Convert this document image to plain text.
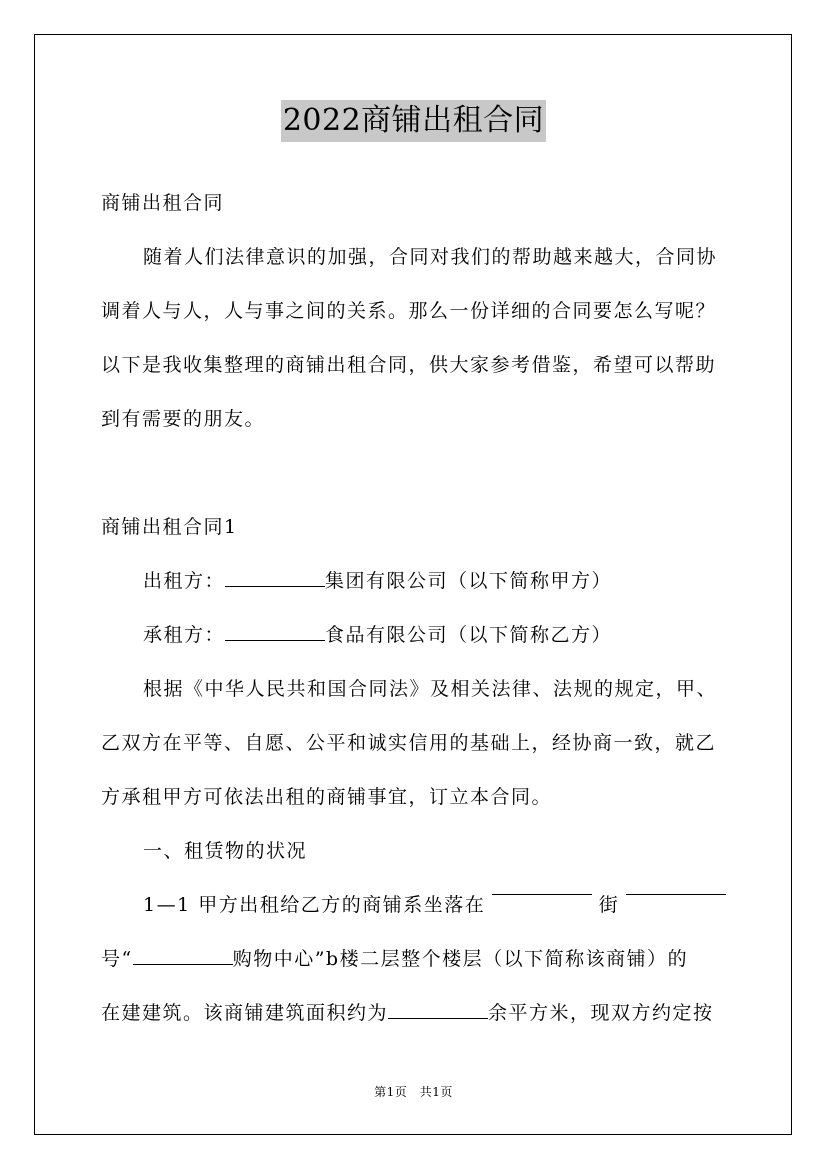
2022商铺出租合同
商铺出租合同
随着人们法律意识的加强，合同对我们的帮助越来越大，合同协
调着人与人，人与事之间的关系。那么一份详细的合同要怎么写呢？
以下是我收集整理的商铺出租合同，供大家参考借鉴，希望可以帮助
到有需要的朋友。
商铺出租合同1
出租方：	集团有限公司（以下简称甲方）
承租方：	食品有限公司（以下简称乙方）
根据《中华人民共和国合同法》及相关法律、法规的规定，甲、
乙双方在平等、自愿、公平和诚实信用的基础上，经协商一致，就乙
方承租甲方可依法出租的商铺事宜，订立本合同。
一、租赁物的状况
1—1 甲方出租给乙方的商铺系坐落在	街
号“	购物中心”b楼二层整个楼层（以下简称该商铺）的
在建建筑。该商铺建筑面积约为	余平方米，现双方约定按
第1页　共1页
